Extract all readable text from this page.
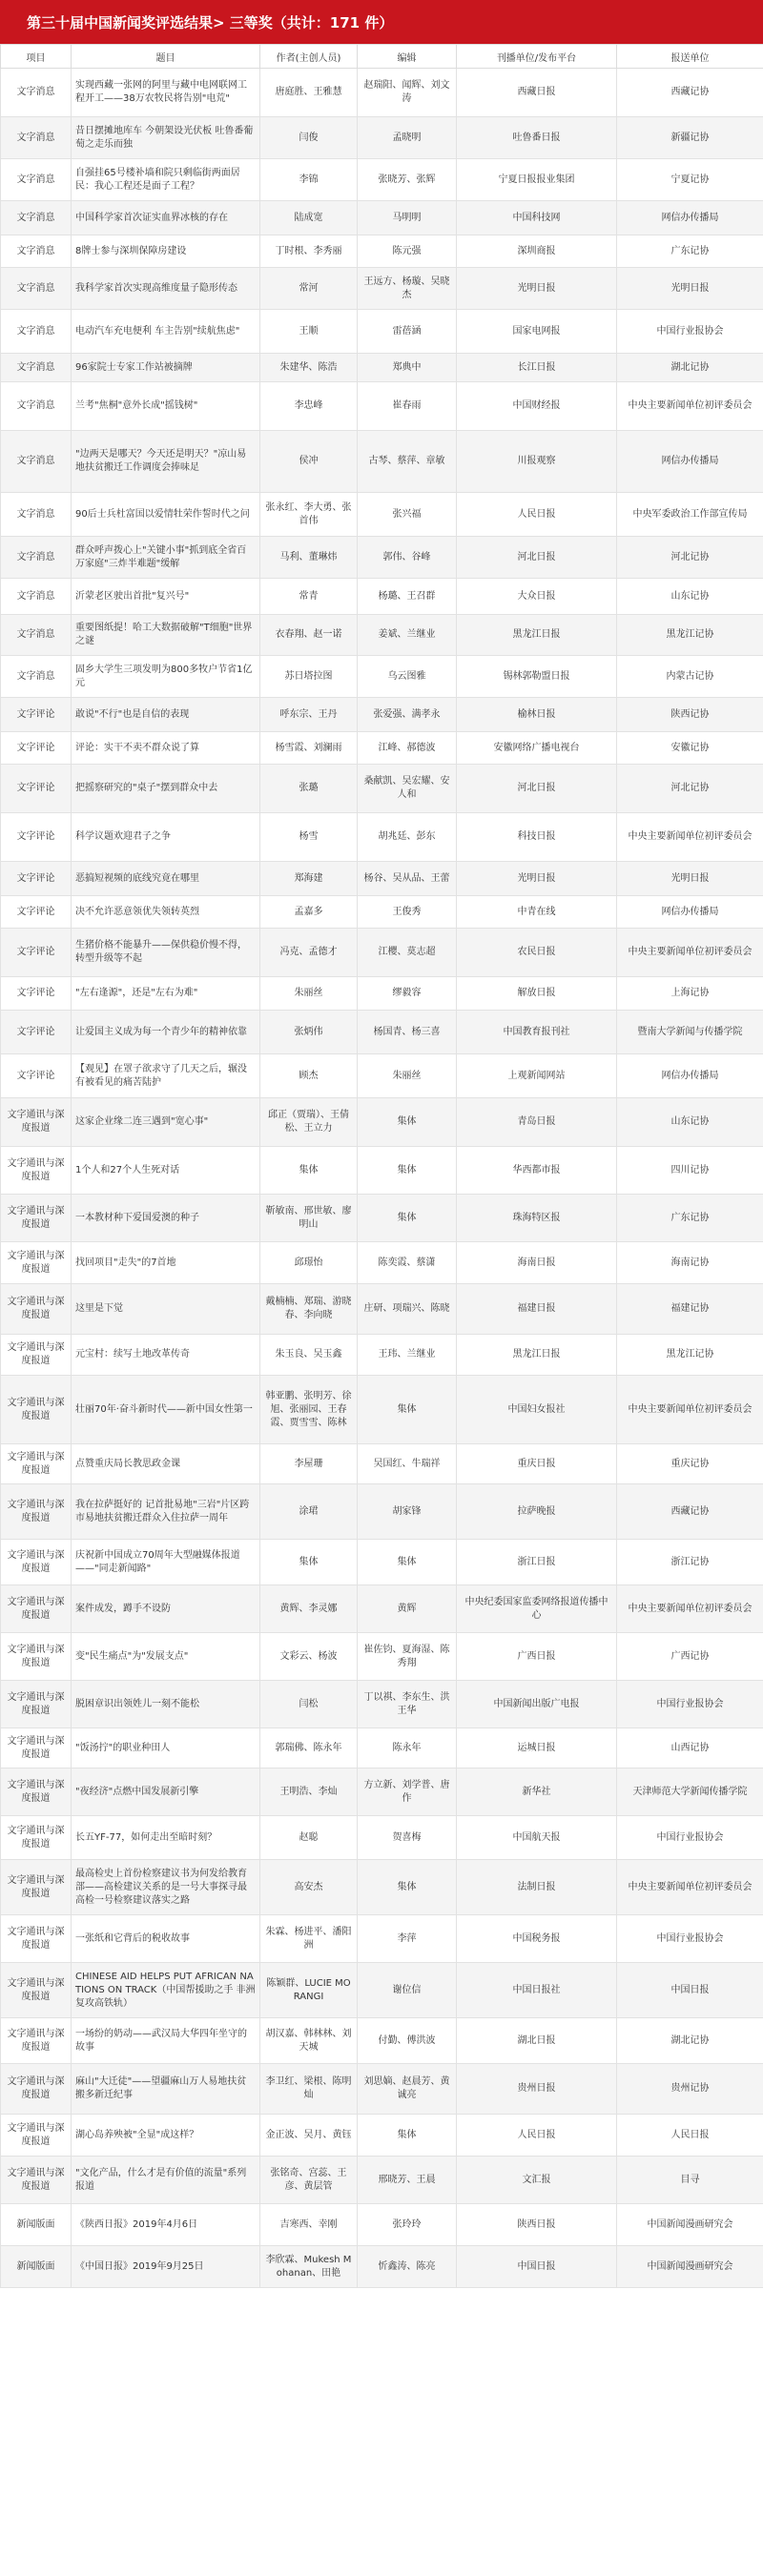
第三十届中国新闻奖评选结果> 三等奖（共计：171 件）
项目	题目	作者(主创人员)	编辑	刊播单位/发布平台	报送单位
文字消息	实现西藏一张网的阿里与藏中电网联网工程开工——38万农牧民将告别"电荒"	唐庭胜、王雅慧	赵瑞阳、闻辉、刘文涛	西藏日报	西藏记协
文字消息	昔日摆摊地库车 今朝架设光伏板 吐鲁番葡萄之走乐而独	闫俊	孟晓明	吐鲁番日报	新疆记协
文字消息	自强挂65号楼补墙和院只剩临街两面居民：我心工程还是面子工程？	李锦	张晓芳、张辉	宁夏日报报业集团	宁夏记协
文字消息	中国科学家首次证实血界冰核的存在	陆成宽	马明明	中国科技网	网信办传播局
文字消息	8牌士参与深圳保障房建设	丁时根、李秀丽	陈元强	深圳商报	广东记协
文字消息	我科学家首次实现高维度量子隐形传态	常河	王远方、杨璇、吴晓杰	光明日报	光明日报
文字消息	电动汽车充电便利 车主告别"续航焦虑"	王顺	雷蓓涵	国家电网报	中国行业报协会
文字消息	96家院士专家工作站被摘牌	朱建华、陈浩	郑典中	长江日报	湖北记协
文字消息	兰考"焦桐"意外长成"摇钱树"	李忠峰	崔春雨	中国财经报	中央主要新闻单位初评委员会
文字消息	"边两天是哪天？今天还是明天？"凉山易地扶贫搬迁工作调度会捧味足	侯冲	古琴、蔡萍、章敏	川报观察	网信办传播局
文字消息	90后士兵杜富国以爱情牡荣作誓时代之问	张永红、李大勇、张首伟	张兴福	人民日报	中央军委政治工作部宣传局
文字消息	群众呼声拨心上"关键小事"抓到底全省百万家庭"三炸半难题"缓解	马利、董琳炜	郭伟、谷峰	河北日报	河北记协
文字消息	沂蒙老区驶出首批"复兴号"	常青	杨璐、王召群	大众日报	山东记协
文字消息	重要图纸提！哈工大数据破解"T细胞"世界之谜	衣春翔、赵一诺	姜斌、兰继业	黑龙江日报	黑龙江记协
文字消息	固乡大学生三项发明为800多牧户节省1亿元	苏日塔拉图	乌云图雅	锡林郭勒盟日报	内蒙古记协
文字评论	敢说"不行"也是自信的表现	呼东宗、王丹	张爱强、满孝永	榆林日报	陕西记协
文字评论	评论：实干不卖不群众说了算	杨雪霞、刘澜雨	江峰、郝德波	安徽网络广播电视台	安徽记协
文字评论	把摇察研究的"桌子"摆到群众中去	张璐	桑献凯、吴宏耀、安人和	河北日报	河北记协
文字评论	科学议题欢迎君子之争	杨雪	胡兆廷、彭东	科技日报	中央主要新闻单位初评委员会
文字评论	恶搞短视频的底线究竟在哪里	郑海建	杨谷、吴从品、王蕾	光明日报	光明日报
文字评论	决不允许恶意领优失领转英烈	孟嘉多	王俊秀	中青在线	网信办传播局
文字评论	生猪价格不能暴升——保供稳价慢不得，转型升级等不起	冯克、孟德才	江樱、莫志超	农民日报	中央主要新闻单位初评委员会
文字评论	"左右逢源"，还是"左右为难"	朱丽丝	缪毅容	解放日报	上海记协
文字评论	让爱国主义成为每一个青少年的精神依靠	张炳伟	杨国青、杨三喜	中国教育报刊社	暨南大学新闻与传播学院
文字评论	【观见】在罩子欲求守了几天之后，辗没有被看见的痛苦陆护	顾杰	朱丽丝	上观新闻网站	网信办传播局
文字通讯与深度报道	这家企业缘二连三遇到"宽心事"	邱正（贾瑞）、王倩松、王立力	集体	青岛日报	山东记协
文字通讯与深度报道	1个人和27个人生死对话	集体	集体	华西都市报	四川记协
文字通讯与深度报道	一本教材种下爱国爱澳的种子	靳敏南、邢世敏、廖明山	集体	珠海特区报	广东记协
文字通讯与深度报道	找回项目"走失"的7首地	邱璟怡	陈奕霞、蔡潇	海南日报	海南记协
文字通讯与深度报道	这里是下觉	戴楠楠、郑瑞、游晓春、李向晓	庄研、项瑞兴、陈晓	福建日报	福建记协
文字通讯与深度报道	元宝村：续写土地改革传奇	朱玉良、吴玉鑫	王玮、兰继业	黑龙江日报	黑龙江记协
文字通讯与深度报道	壮丽70年·奋斗新时代——新中国女性第一	韩亚鹏、张明芳、徐旭、张丽园、王春霞、贾雪雪、陈林	集体	中国妇女报社	中央主要新闻单位初评委员会
文字通讯与深度报道	点赞重庆局长教思政金课	李屋珊	吴国红、牛瑞祥	重庆日报	重庆记协
文字通讯与深度报道	我在拉萨挺好的 记首批易地"三岩"片区跨市易地扶贫搬迁群众入住拉萨一周年	涂珺	胡家锋	拉萨晚报	西藏记协
文字通讯与深度报道	庆祝新中国成立70周年大型融媒体报道——"同走新闻路"	集体	集体	浙江日报	浙江记协
文字通讯与深度报道	案件成发，蹲手不设防	黄辉、李灵娜	黄辉	中央纪委国家监委网络报道传播中心	中央主要新闻单位初评委员会
文字通讯与深度报道	变"民生痛点"为"发展支点"	文彩云、杨波	崔佐钧、夏海湿、陈秀翔	广西日报	广西记协
文字通讯与深度报道	脱困章识出领姓儿一刻不能松	闫松	丁以祺、李东生、洪王华	中国新闻出版广电报	中国行业报协会
文字通讯与深度报道	"饭汤拧"的职业种田人	郭瑞佛、陈永年	陈永年	运城日报	山西记协
文字通讯与深度报道	"夜经济"点燃中国发展新引擎	王明浩、李灿	方立新、刘学普、唐作	新华社	天津师范大学新闻传播学院
文字通讯与深度报道	长五YF-77，如何走出至暗时刻？	赵聪	贺喜梅	中国航天报	中国行业报协会
文字通讯与深度报道	最高检史上首份检察建议书为何发给教育部——高检建议关系的是一号大事探寻最高检一号检察建议落实之路	高安杰	集体	法制日报	中央主要新闻单位初评委员会
文字通讯与深度报道	一张纸和它背后的税收故事	朱霖、杨进平、潘阳洲	李萍	中国税务报	中国行业报协会
文字通讯与深度报道	CHINESE AID HELPS PUT AFRICAN NATIONS ON TRACK（中国帮援助之手 非洲复攻高铁轨）	陈颖群、LUCIE MORANGI	谢位信	中国日报社	中国日报
文字通讯与深度报道	一场纷的奶动——武汉局大华四年坐守的故事	胡汉嘉、韩林林、刘天城	付勤、傅洪波	湖北日报	湖北记协
文字通讯与深度报道	麻山"大迁徒"——望疆麻山万人易地扶贫搬多新迁纪事	李卫红、梁根、陈明灿	刘思嫡、赵晨芳、黄诚亮	贵州日报	贵州记协
文字通讯与深度报道	湖心岛养殃被"全显"成这样？	金正波、吴月、黄钰	集体	人民日报	人民日报
文字通讯与深度报道	"文化产品，什么才是有价值的流量"系列报道	张铭奇、宫蕊、王彦、黄层管	邢晓芳、王晨	文汇报	目寻
新闻版面	《陕西日报》2019年4月6日	吉寒西、幸刚	张玲玲	陕西日报	中国新闻漫画研究会
新闻版面	《中国日报》2019年9月25日	李欣霖、Mukesh Mohanan、田艳	忻鑫涛、陈亮	中国日报	中国新闻漫画研究会
